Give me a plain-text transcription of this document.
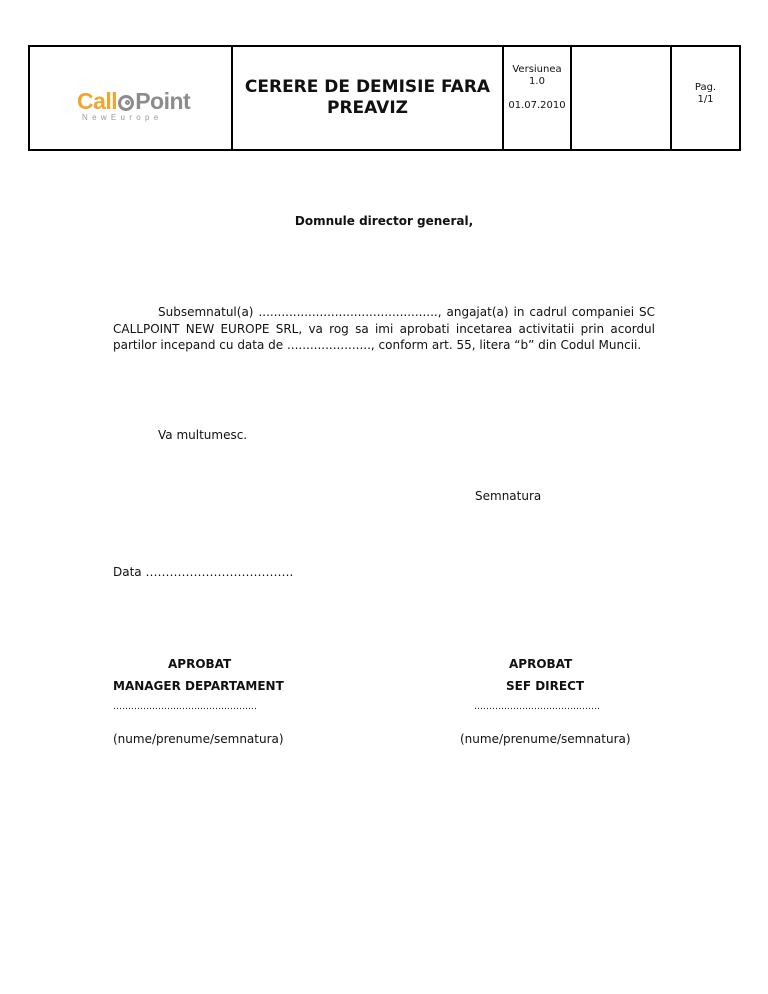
Call Point
NewEurope
CERERE DE DEMISIE FARA PREAVIZ
Versiunea
1.0
01.07.2010
Pag.
1/1
Domnule director general,
Subsemnatul(a) ..............................................., angajat(a) in cadrul companiei SC CALLPOINT NEW EUROPE SRL, va rog sa imi aprobati incetarea activitatii prin acordul partilor incepand cu data de ......................, conform art. 55, litera “b” din Codul Muncii.
Va multumesc.
Semnatura
Data ……………………………….
APROBAT
MANAGER DEPARTAMENT
…………………………………………
(nume/prenume/semnatura)
APROBAT
SEF DIRECT
……………………………………
(nume/prenume/semnatura)
